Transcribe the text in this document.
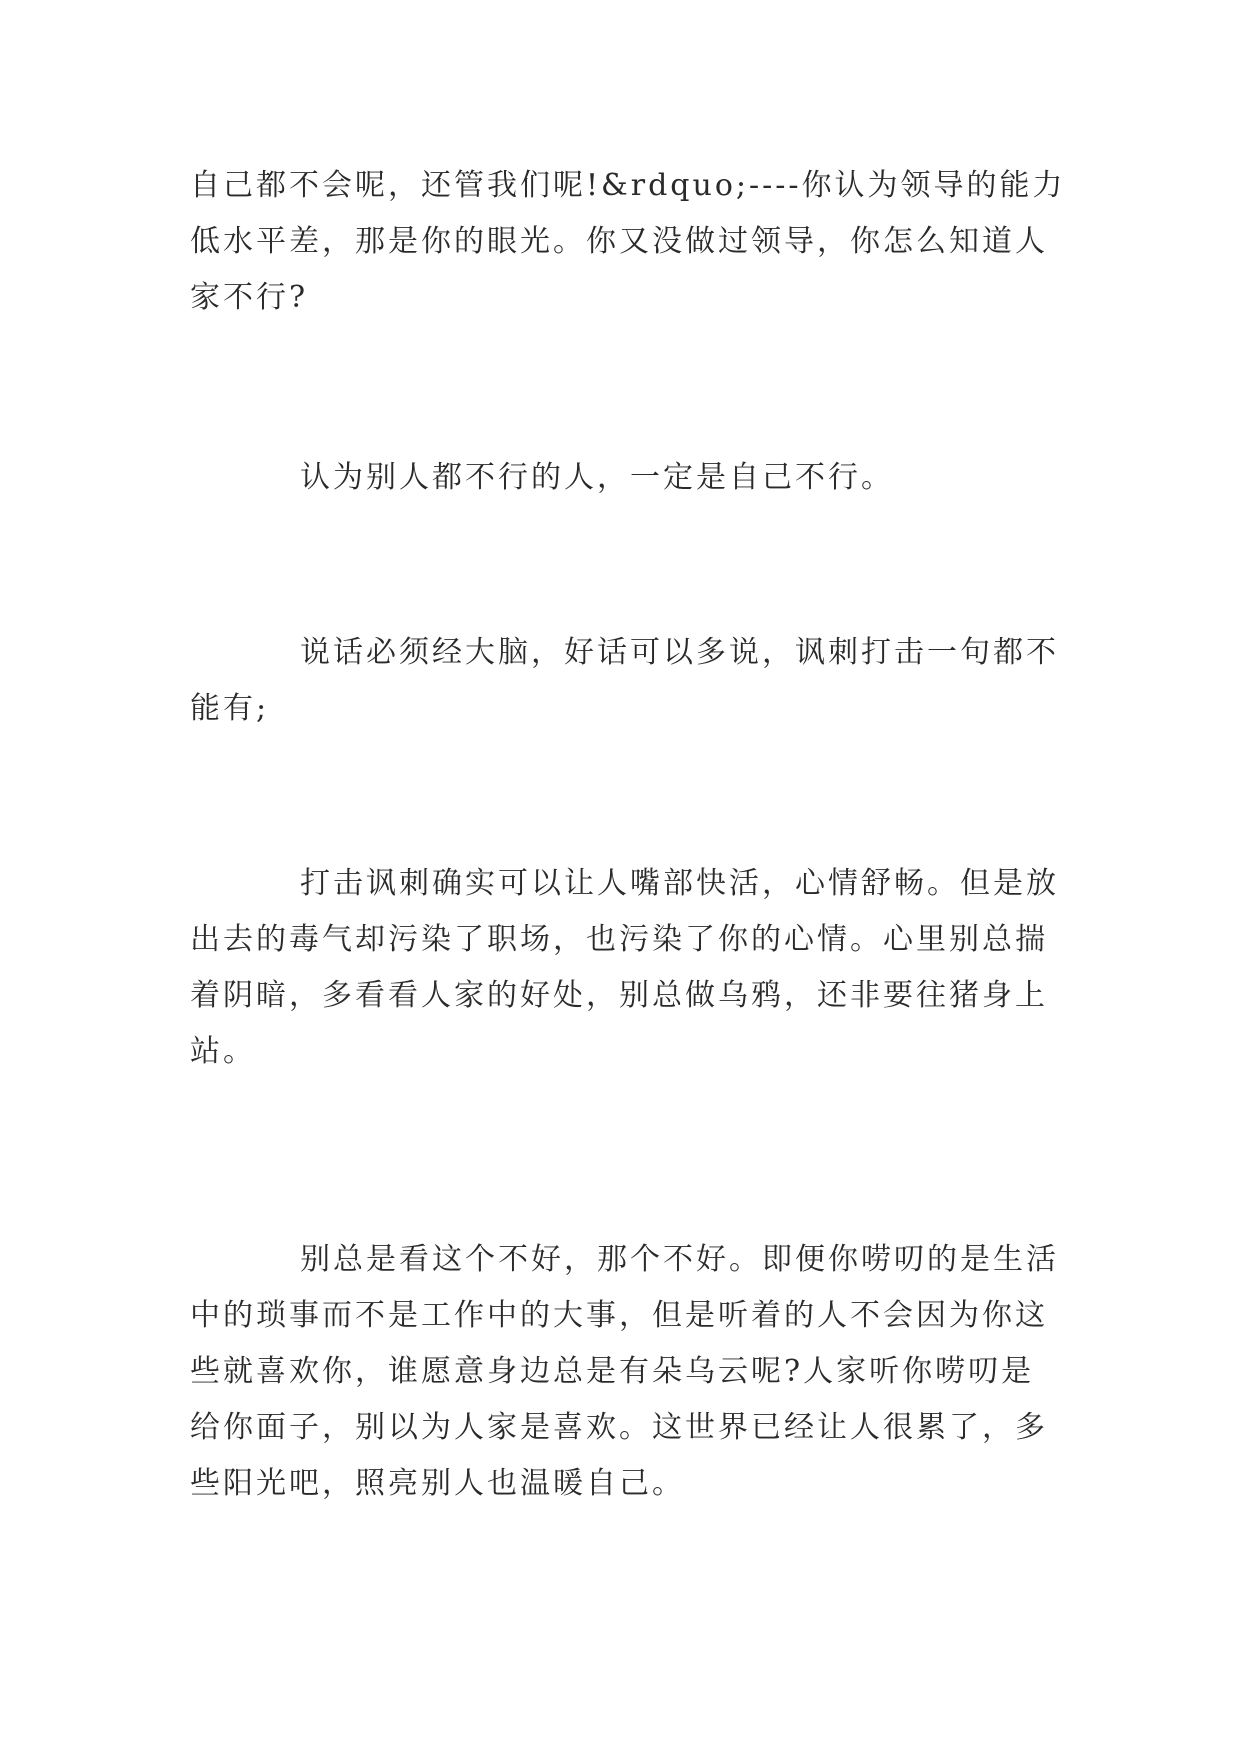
自己都不会呢，还管我们呢!&rdquo;----你认为领导的能力
低水平差，那是你的眼光。你又没做过领导，你怎么知道人
家不行?

认为别人都不行的人，一定是自己不行。

说话必须经大脑，好话可以多说，讽刺打击一句都不
能有;

打击讽刺确实可以让人嘴部快活，心情舒畅。但是放
出去的毒气却污染了职场，也污染了你的心情。心里别总揣
着阴暗，多看看人家的好处，别总做乌鸦，还非要往猪身上
站。

别总是看这个不好，那个不好。即便你唠叨的是生活
中的琐事而不是工作中的大事，但是听着的人不会因为你这
些就喜欢你，谁愿意身边总是有朵乌云呢?人家听你唠叨是
给你面子，别以为人家是喜欢。这世界已经让人很累了，多
些阳光吧，照亮别人也温暖自己。
